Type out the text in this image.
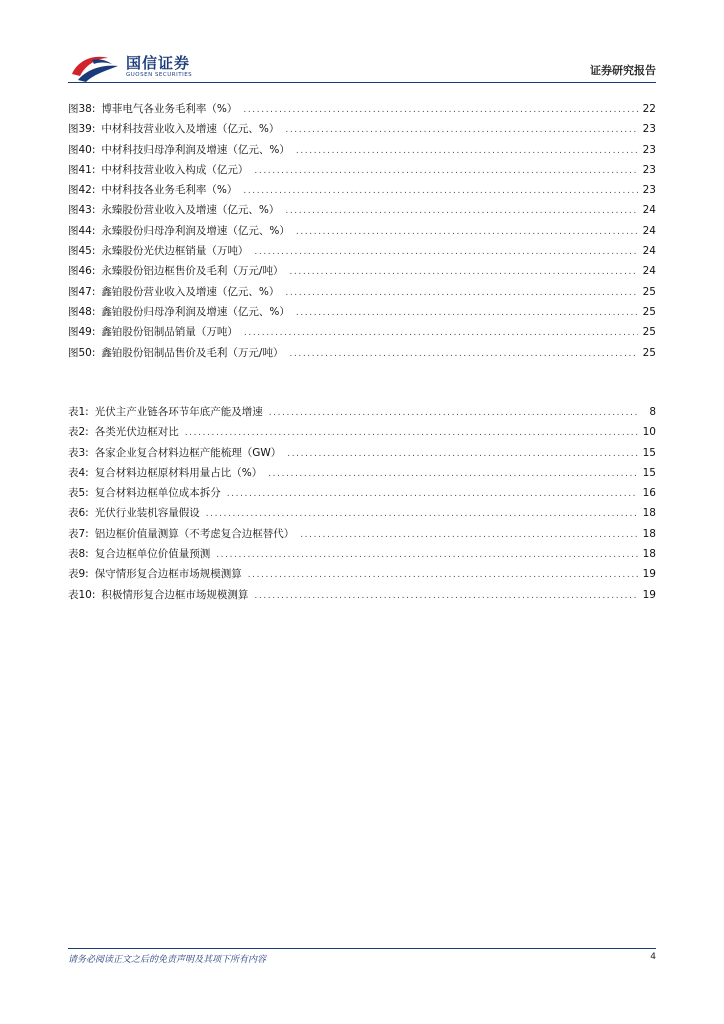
国信证券
GUOSEN SECURITIES	证券研究报告
图38: 博菲电气各业务毛利率（%） .....	22
图39: 中材科技营业收入及增速（亿元、%） .....	23
图40: 中材科技归母净利润及增速（亿元、%） .....	23
图41: 中材科技营业收入构成（亿元） .....	23
图42: 中材科技各业务毛利率（%） .....	23
图43: 永臻股份营业收入及增速（亿元、%） .....	24
图44: 永臻股份归母净利润及增速（亿元、%） .....	24
图45: 永臻股份光伏边框销量（万吨） .....	24
图46: 永臻股份铝边框售价及毛利（万元/吨） .....	24
图47: 鑫铂股份营业收入及增速（亿元、%） .....	25
图48: 鑫铂股份归母净利润及增速（亿元、%） .....	25
图49: 鑫铂股份铝制品销量（万吨） .....	25
图50: 鑫铂股份铝制品售价及毛利（万元/吨） .....	25
表1: 光伏主产业链各环节年底产能及增速 .....	8
表2: 各类光伏边框对比 .....	10
表3: 各家企业复合材料边框产能梳理（GW） .....	15
表4: 复合材料边框原材料用量占比（%） .....	15
表5: 复合材料边框单位成本拆分 .....	16
表6: 光伏行业装机容量假设 .....	18
表7: 铝边框价值量测算（不考虑复合边框替代） .....	18
表8: 复合边框单位价值量预测 .....	18
表9: 保守情形复合边框市场规模测算 .....	19
表10: 积极情形复合边框市场规模测算 .....	19
请务必阅读正文之后的免责声明及其项下所有内容	4
